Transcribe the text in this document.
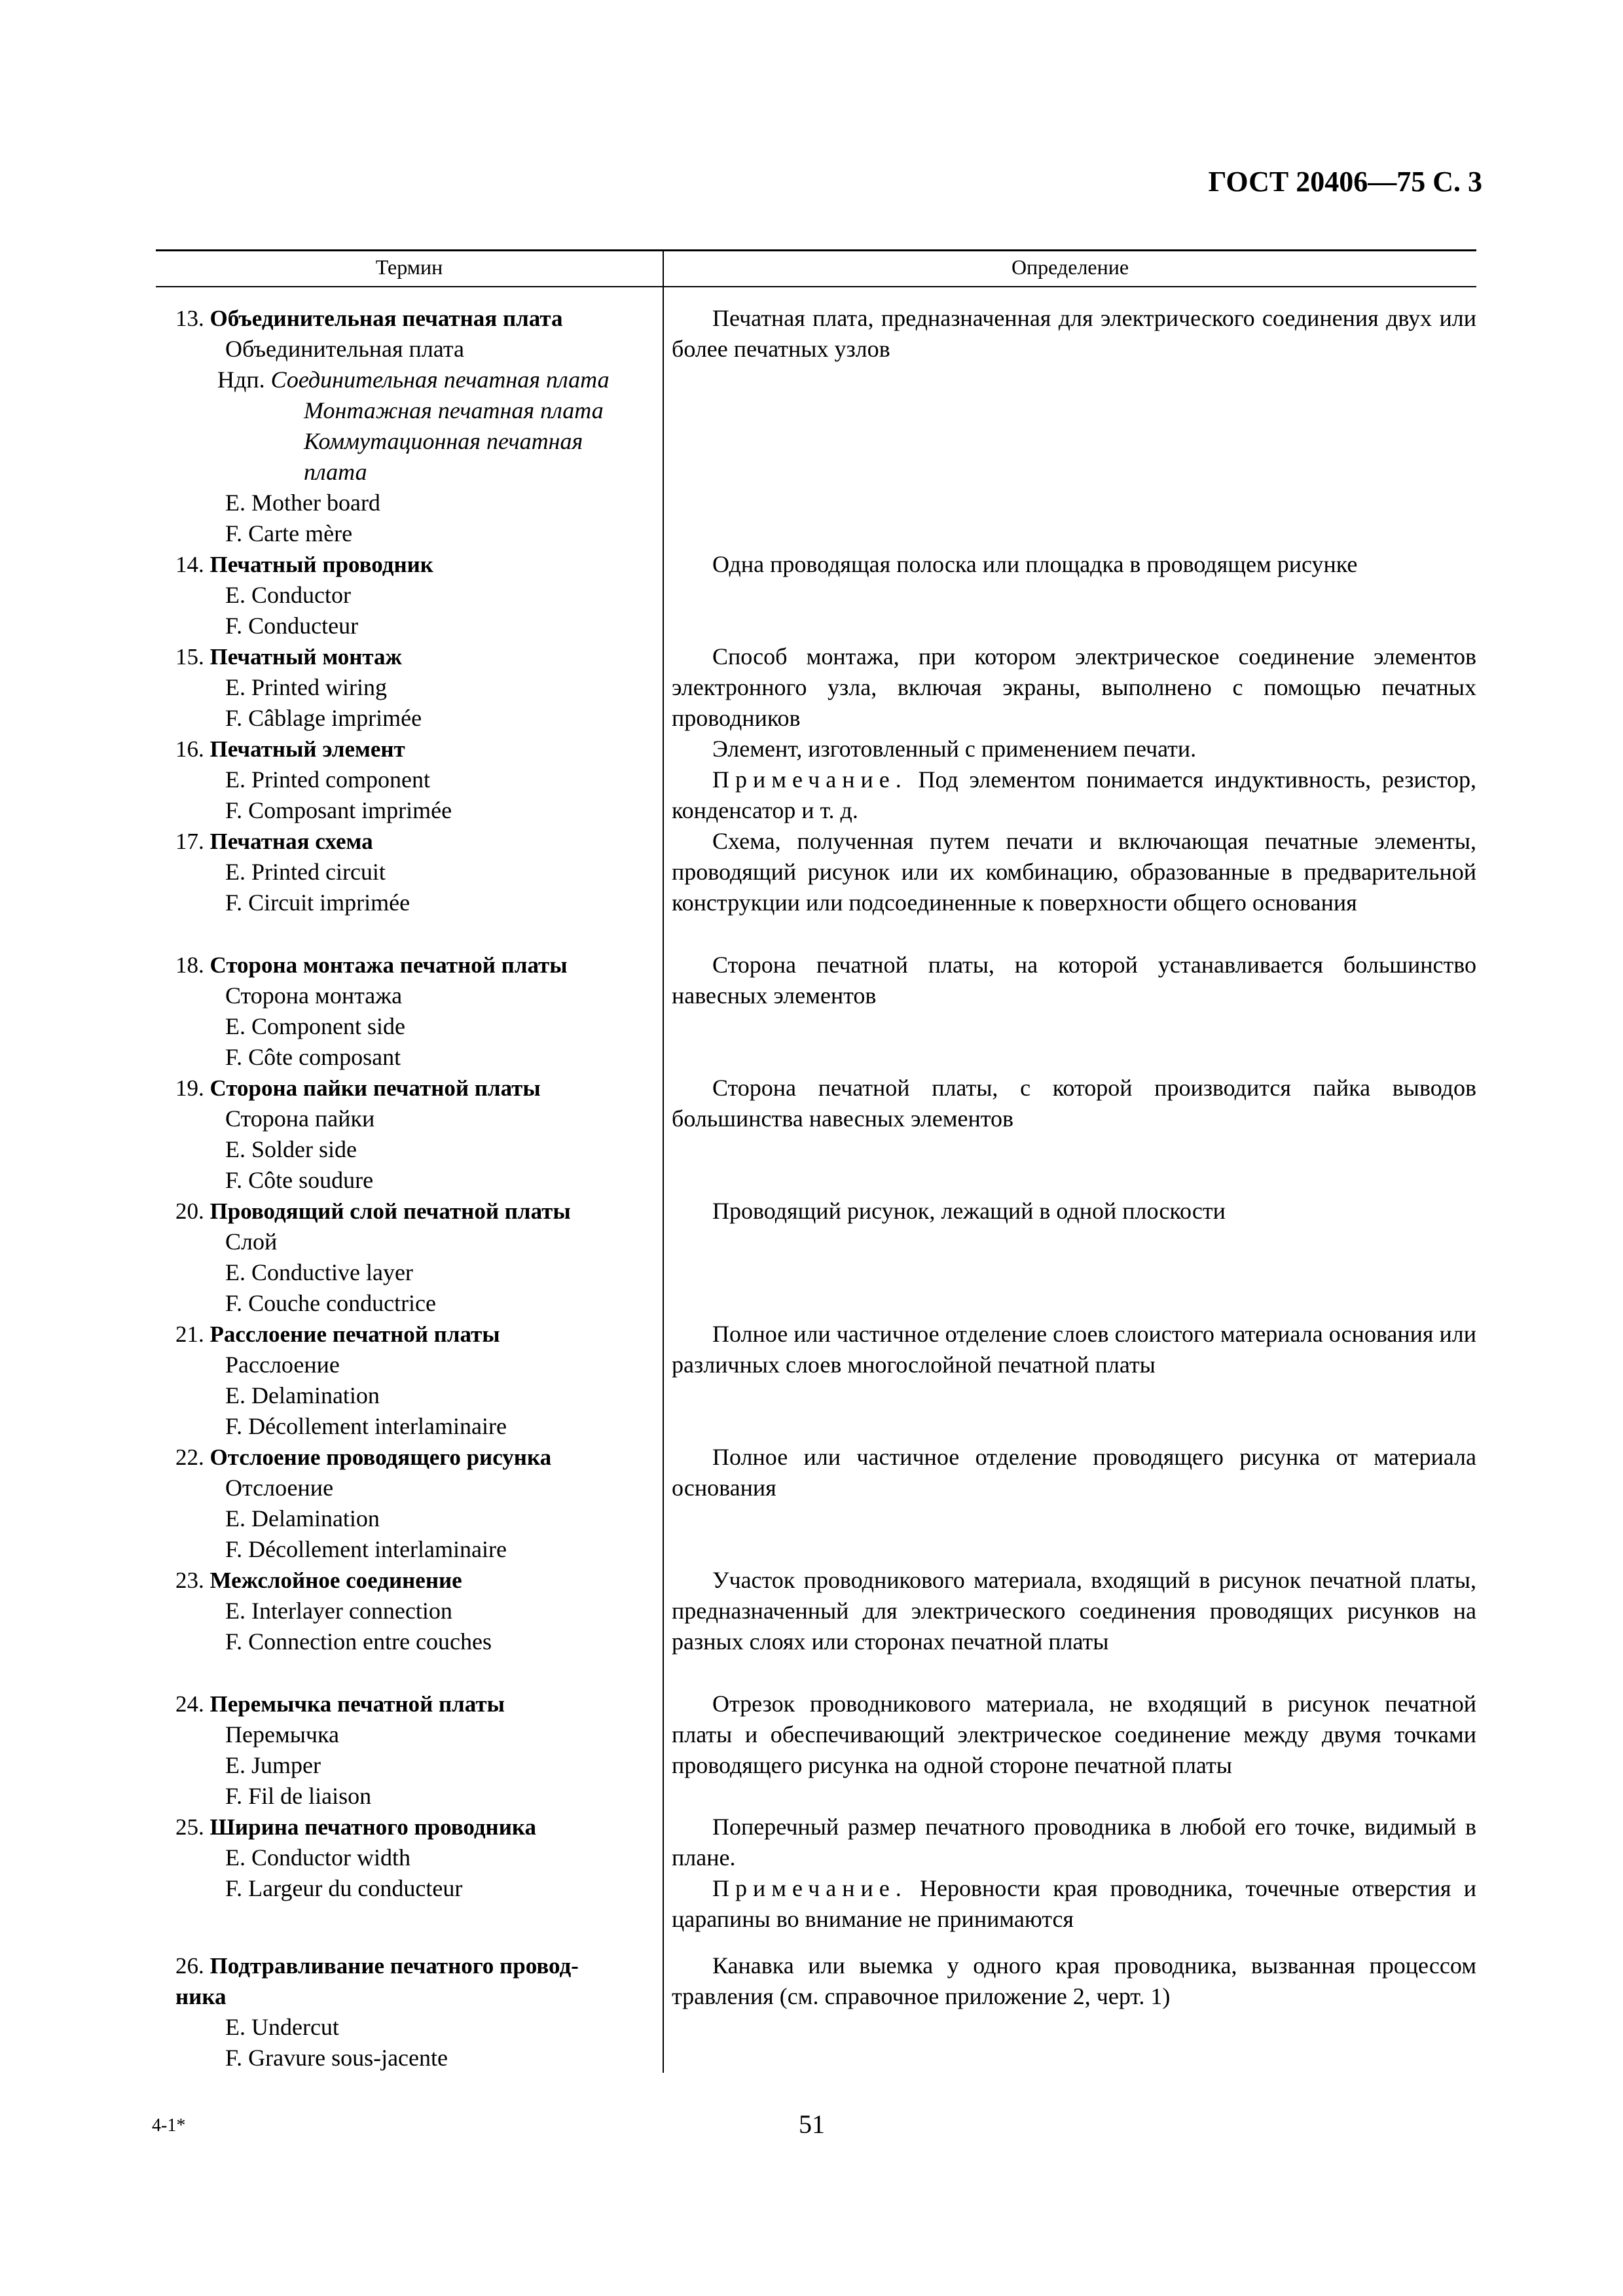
ГОСТ 20406—75 С. 3
Термин	Определение
13. Объединительная печатная плата
Объединительная плата
Ндп. Соединительная печатная плата
Монтажная печатная плата
Коммутационная печатная
плата
E. Mother board
F. Carte mère

Печатная плата, предназначенная для электрического соединения двух или более печатных узлов

14. Печатный проводник
E. Conductor
F. Conducteur

Одна проводящая полоска или площадка в проводящем рисунке

15. Печатный монтаж
E. Printed wiring
F. Câblage imprimée

Способ монтажа, при котором электрическое соединение элементов электронного узла, включая экраны, выполнено с помощью печатных проводников

16. Печатный элемент
E. Printed component
F. Composant imprimée

Элемент, изготовленный с применением печати.

Примечание. Под элементом понимается индуктивность, резистор, конденсатор и т. д.

17. Печатная схема
E. Printed circuit
F. Circuit imprimée

Схема, полученная путем печати и включающая печатные элементы, проводящий рисунок или их комбинацию, образованные в предварительной конструкции или подсоединенные к поверхности общего основания

18. Сторона монтажа печатной платы
Сторона монтажа
E. Component side
F. Côte composant

Сторона печатной платы, на которой устанавливается большинство навесных элементов

19. Сторона пайки печатной платы
Сторона пайки
E. Solder side
F. Côte soudure

Сторона печатной платы, с которой производится пайка выводов большинства навесных элементов

20. Проводящий слой печатной платы
Слой
E. Conductive layer
F. Couche conductrice

Проводящий рисунок, лежащий в одной плоскости

21. Расслоение печатной платы
Расслоение
E. Delamination
F. Décollement interlaminaire

Полное или частичное отделение слоев слоистого материала основания или различных слоев многослойной печатной платы

22. Отслоение проводящего рисунка
Отслоение
E. Delamination
F. Décollement interlaminaire

Полное или частичное отделение проводящего рисунка от материала основания

23. Межслойное соединение
E. Interlayer connection
F. Connection entre couches

Участок проводникового материала, входящий в рисунок печатной платы, предназначенный для электрического соединения проводящих рисунков на разных слоях или сторонах печатной платы

24. Перемычка печатной платы
Перемычка
E. Jumper
F. Fil de liaison

Отрезок проводникового материала, не входящий в рисунок печатной платы и обеспечивающий электрическое соединение между двумя точками проводящего рисунка на одной стороне печатной платы

25. Ширина печатного проводника
E. Conductor width
F. Largeur du conducteur

Поперечный размер печатного проводника в любой его точке, видимый в плане.

Примечание. Неровности края проводника, точечные отверстия и царапины во внимание не принимаются

26. Подтравливание печатного провод-
ника
E. Undercut
F. Gravure sous-jacente

Канавка или выемка у одного края проводника, вызванная процессом травления (см. справочное приложение 2, черт. 1)

4-1*	51
